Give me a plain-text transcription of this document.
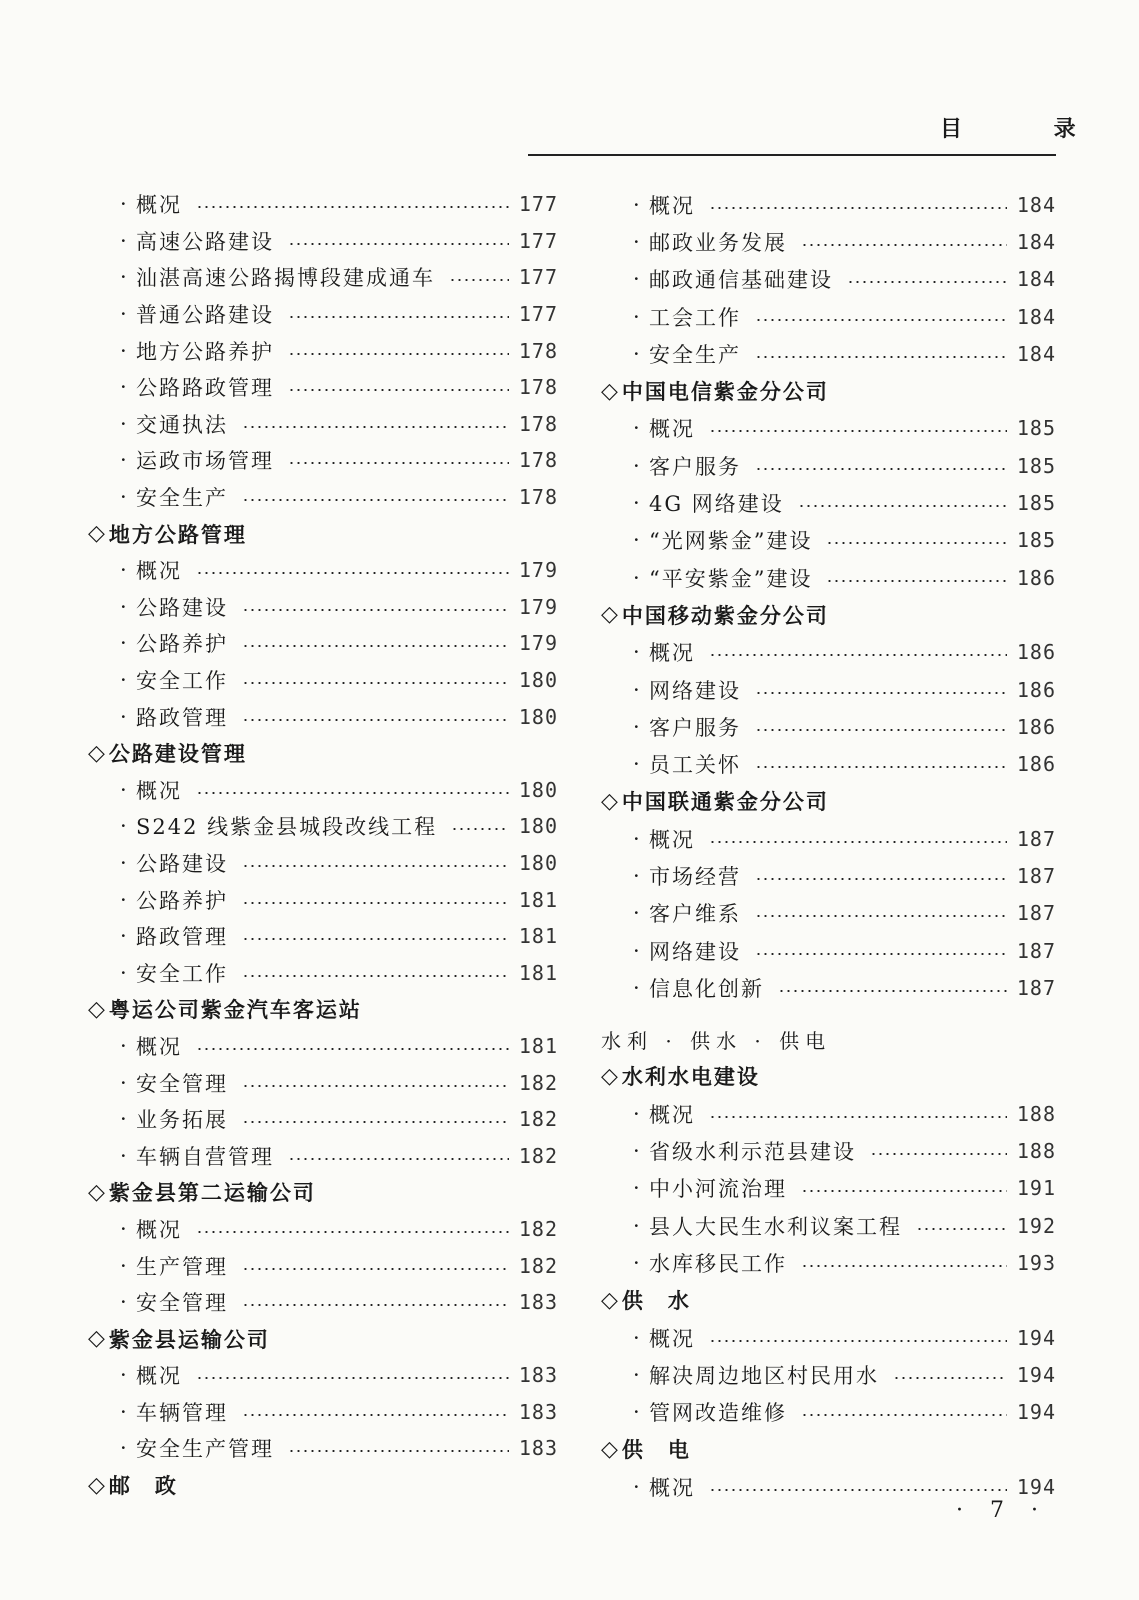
目 录
· 概况	177
· 高速公路建设	177
· 汕湛高速公路揭博段建成通车	177
· 普通公路建设	177
· 地方公路养护	178
· 公路路政管理	178
· 交通执法	178
· 运政市场管理	178
· 安全生产	178
◇ 地方公路管理
· 概况	179
· 公路建设	179
· 公路养护	179
· 安全工作	180
· 路政管理	180
◇ 公路建设管理
· 概况	180
· S242 线紫金县城段改线工程	180
· 公路建设	180
· 公路养护	181
· 路政管理	181
· 安全工作	181
◇ 粤运公司紫金汽车客运站
· 概况	181
· 安全管理	182
· 业务拓展	182
· 车辆自营管理	182
◇ 紫金县第二运输公司
· 概况	182
· 生产管理	182
· 安全管理	183
◇ 紫金县运输公司
· 概况	183
· 车辆管理	183
· 安全生产管理	183
◇ 邮　政
· 概况	184
· 邮政业务发展	184
· 邮政通信基础建设	184
· 工会工作	184
· 安全生产	184
◇ 中国电信紫金分公司
· 概况	185
· 客户服务	185
· 4G 网络建设	185
· “光网紫金”建设	185
· “平安紫金”建设	186
◇ 中国移动紫金分公司
· 概况	186
· 网络建设	186
· 客户服务	186
· 员工关怀	186
◇ 中国联通紫金分公司
· 概况	187
· 市场经营	187
· 客户维系	187
· 网络建设	187
· 信息化创新	187
水利 · 供水 · 供电
◇ 水利水电建设
· 概况	188
· 省级水利示范县建设	188
· 中小河流治理	191
· 县人大民生水利议案工程	192
· 水库移民工作	193
◇ 供　水
· 概况	194
· 解决周边地区村民用水	194
· 管网改造维修	194
◇ 供　电
· 概况	194
· 7 ·
